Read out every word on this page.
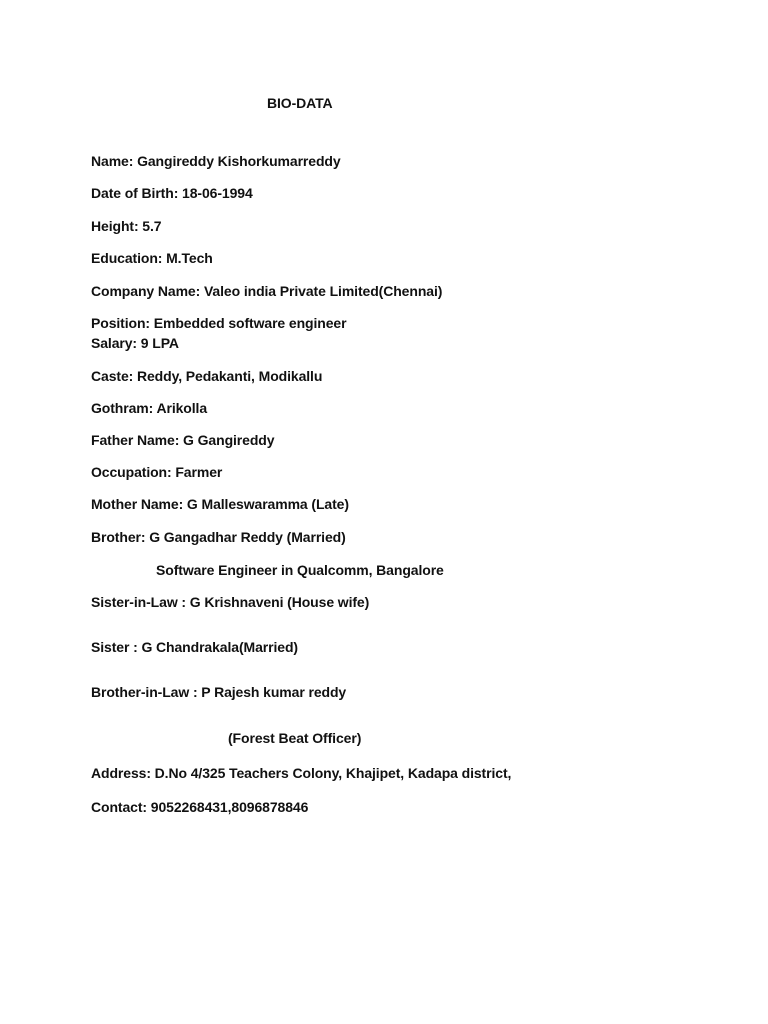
BIO-DATA
Name: Gangireddy Kishorkumarreddy
Date of Birth: 18-06-1994
Height: 5.7
Education: M.Tech
Company Name: Valeo india Private Limited(Chennai)
Position: Embedded software engineer
Salary: 9 LPA
Caste: Reddy, Pedakanti, Modikallu
Gothram: Arikolla
Father Name: G Gangireddy
Occupation: Farmer
Mother Name: G Malleswaramma (Late)
Brother: G Gangadhar Reddy (Married)
Software Engineer in Qualcomm, Bangalore
Sister-in-Law : G Krishnaveni (House wife)
Sister : G Chandrakala(Married)
Brother-in-Law : P Rajesh kumar reddy
(Forest Beat Officer)
Address: D.No 4/325 Teachers Colony, Khajipet, Kadapa district,
Contact: 9052268431,8096878846
